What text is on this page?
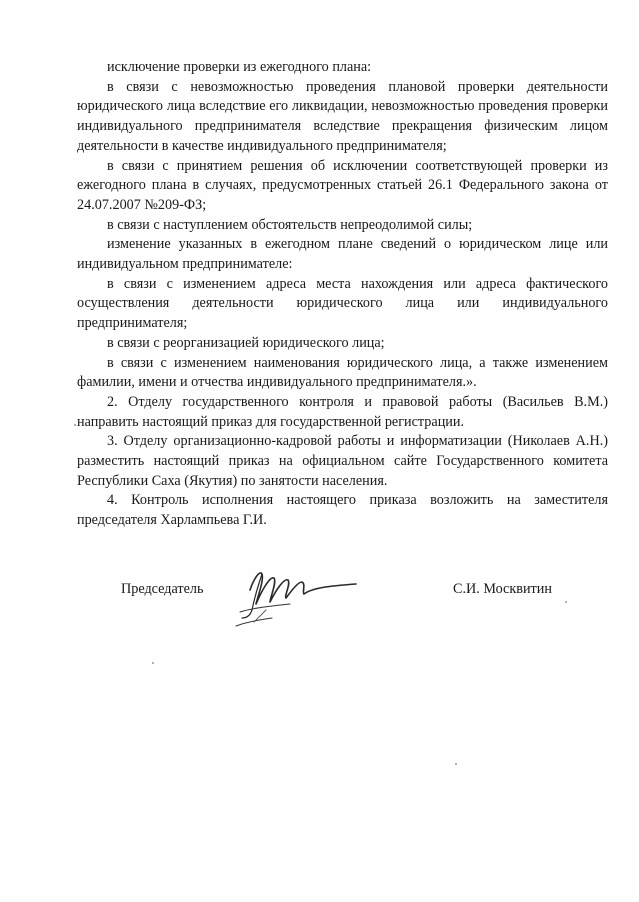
исключение проверки из ежегодного плана:

в связи с невозможностью проведения плановой проверки деятельности юридического лица вследствие его ликвидации, невозможностью проведения проверки индивидуального предпринимателя вследствие прекращения физическим лицом деятельности в качестве индивидуального предпринимателя;

в связи с принятием решения об исключении соответствующей проверки из ежегодного плана в случаях, предусмотренных статьей 26.1 Федерального закона от 24.07.2007 №209-ФЗ;

в связи с наступлением обстоятельств непреодолимой силы;

изменение указанных в ежегодном плане сведений о юридическом лице или индивидуальном предпринимателе:

в связи с изменением адреса места нахождения или адреса фактического осуществления деятельности юридического лица или индивидуального предпринимателя;

в связи с реорганизацией юридического лица;

в связи с изменением наименования юридического лица, а также изменением фамилии, имени и отчества индивидуального предпринимателя.».

2. Отделу государственного контроля и правовой работы (Васильев В.М.) направить настоящий приказ для государственной регистрации.

3. Отделу организационно-кадровой работы и информатизации (Николаев А.Н.) разместить настоящий приказ на официальном сайте Государственного комитета Республики Саха (Якутия) по занятости населения.

4. Контроль исполнения настоящего приказа возложить на заместителя председателя Харлампьева Г.И.

Председатель	С.И. Москвитин
